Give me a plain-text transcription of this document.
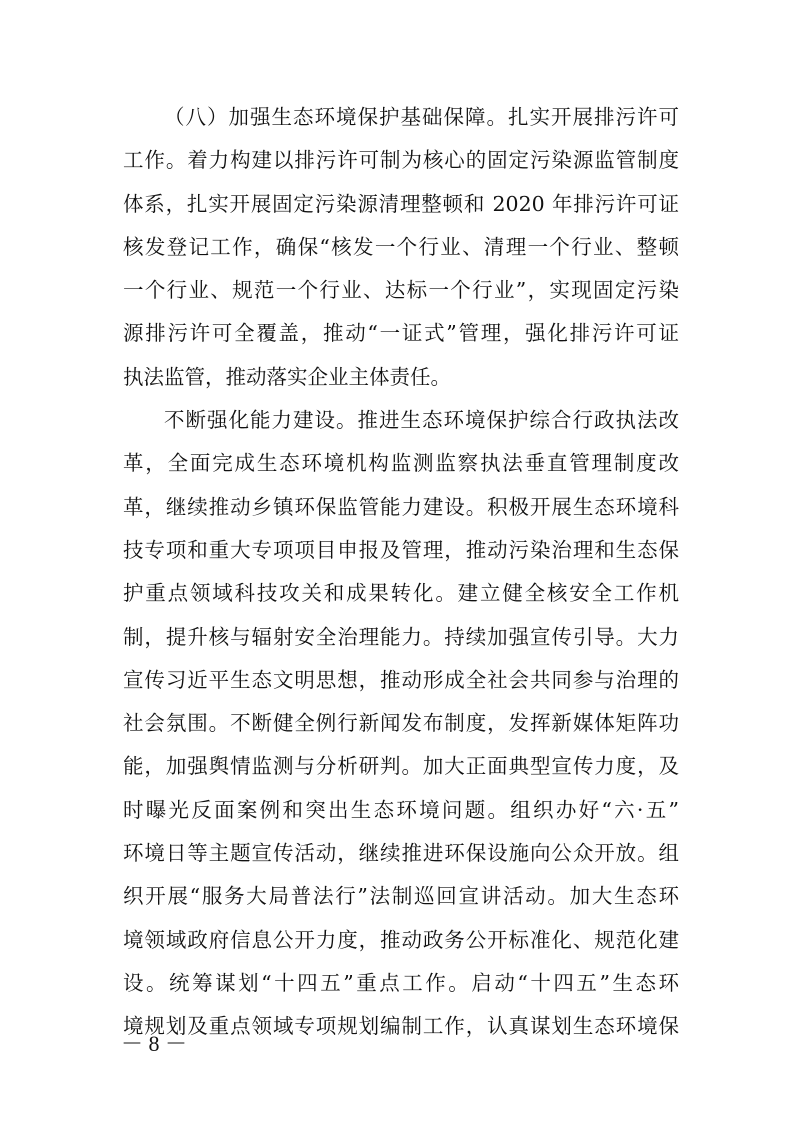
（八）加强生态环境保护基础保障。扎实开展排污许可
工作。着力构建以排污许可制为核心的固定污染源监管制度
体系，扎实开展固定污染源清理整顿和 2020 年排污许可证
核发登记工作，确保“核发一个行业、清理一个行业、整顿
一个行业、规范一个行业、达标一个行业”，实现固定污染
源排污许可全覆盖，推动“一证式”管理，强化排污许可证
执法监管，推动落实企业主体责任。
不断强化能力建设。推进生态环境保护综合行政执法改
革，全面完成生态环境机构监测监察执法垂直管理制度改
革，继续推动乡镇环保监管能力建设。积极开展生态环境科
技专项和重大专项项目申报及管理，推动污染治理和生态保
护重点领域科技攻关和成果转化。建立健全核安全工作机
制，提升核与辐射安全治理能力。持续加强宣传引导。大力
宣传习近平生态文明思想，推动形成全社会共同参与治理的
社会氛围。不断健全例行新闻发布制度，发挥新媒体矩阵功
能，加强舆情监测与分析研判。加大正面典型宣传力度，及
时曝光反面案例和突出生态环境问题。组织办好“六·五”
环境日等主题宣传活动，继续推进环保设施向公众开放。组
织开展“服务大局普法行”法制巡回宣讲活动。加大生态环
境领域政府信息公开力度，推动政务公开标准化、规范化建
设。统筹谋划“十四五”重点工作。启动“十四五”生态环
境规划及重点领域专项规划编制工作，认真谋划生态环境保
－ 8 －
